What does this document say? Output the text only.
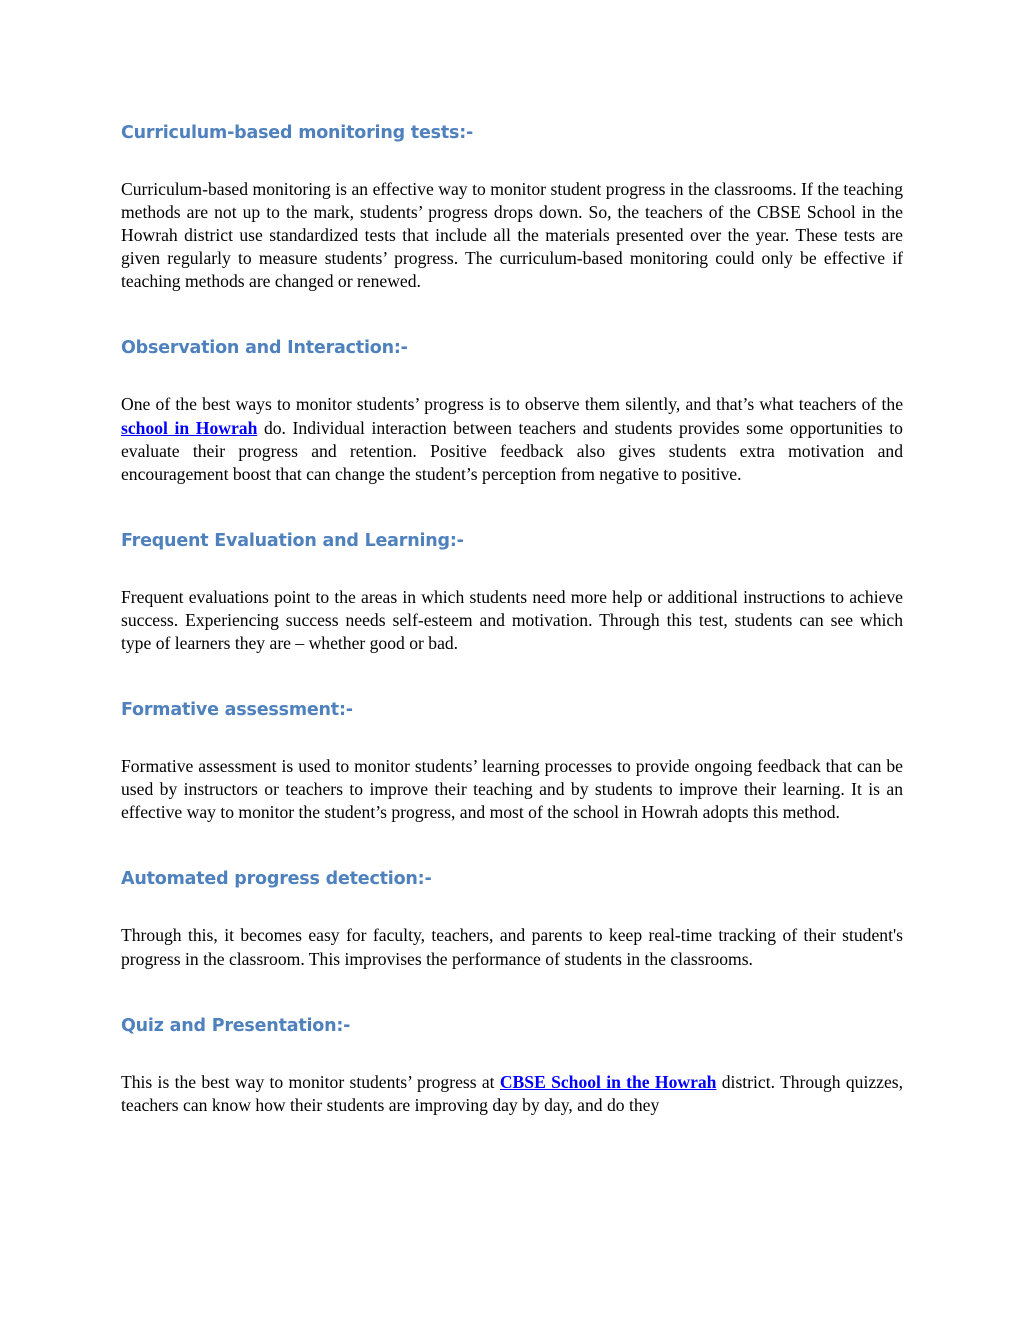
Curriculum-based monitoring tests:-

Curriculum-based monitoring is an effective way to monitor student progress in the classrooms. If the teaching methods are not up to the mark, students’ progress drops down. So, the teachers of the CBSE School in the Howrah district use standardized tests that include all the materials presented over the year. These tests are given regularly to measure students’ progress. The curriculum-based monitoring could only be effective if teaching methods are changed or renewed.

Observation and Interaction:-

One of the best ways to monitor students’ progress is to observe them silently, and that’s what teachers of the school in Howrah do. Individual interaction between teachers and students provides some opportunities to evaluate their progress and retention. Positive feedback also gives students extra motivation and encouragement boost that can change the student’s perception from negative to positive.

Frequent Evaluation and Learning:-

Frequent evaluations point to the areas in which students need more help or additional instructions to achieve success. Experiencing success needs self-esteem and motivation. Through this test, students can see which type of learners they are – whether good or bad.

Formative assessment:-

Formative assessment is used to monitor students’ learning processes to provide ongoing feedback that can be used by instructors or teachers to improve their teaching and by students to improve their learning. It is an effective way to monitor the student’s progress, and most of the school in Howrah adopts this method.

Automated progress detection:-

Through this, it becomes easy for faculty, teachers, and parents to keep real-time tracking of their student's progress in the classroom. This improvises the performance of students in the classrooms.

Quiz and Presentation:-

This is the best way to monitor students’ progress at CBSE School in the Howrah district. Through quizzes, teachers can know how their students are improving day by day, and do they
